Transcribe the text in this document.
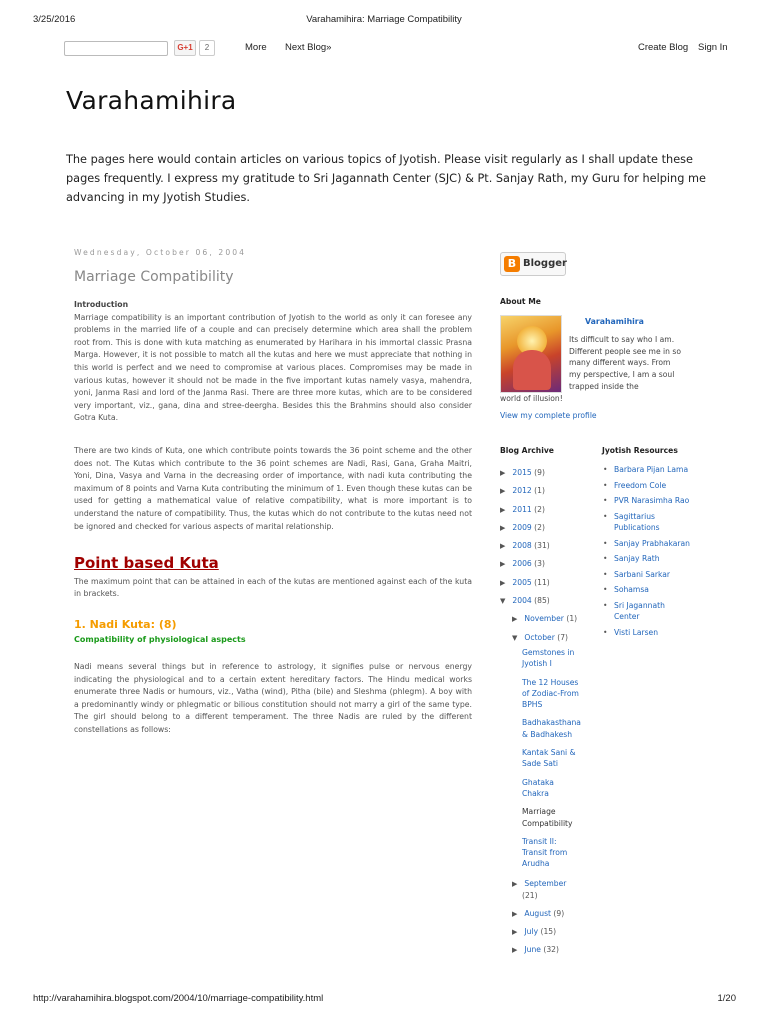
3/25/2016	Varahamihira: Marriage Compatibility
G+1	2	More Next Blog»	Create Blog Sign In
Varahamihira
The pages here would contain articles on various topics of Jyotish. Please visit regularly as I shall update these pages frequently. I express my gratitude to Sri Jagannath Center (SJC) & Pt. Sanjay Rath, my Guru for helping me advancing in my Jyotish Studies.
Wednesday, October 06, 2004
Marriage Compatibility
Introduction
Marriage compatibility is an important contribution of Jyotish to the world as only it can foresee any problems in the married life of a couple and can precisely determine which area shall the problem root from. This is done with kuta matching as enumerated by Harihara in his immortal classic Prasna Marga. However, it is not possible to match all the kutas and here we must appreciate that nothing in this world is perfect and we need to compromise at various places. Compromises may be made in various kutas, however it should not be made in the five important kutas namely vasya, mahendra, yoni, Janma Rasi and lord of the Janma Rasi. There are three more kutas, which are to be considered very important, viz., gana, dina and stree-deergha. Besides this the Brahmins should also consider Gotra Kuta.
There are two kinds of Kuta, one which contribute points towards the 36 point scheme and the other does not. The Kutas which contribute to the 36 point schemes are Nadi, Rasi, Gana, Graha Maitri, Yoni, Dina, Vasya and Varna in the decreasing order of importance, with nadi kuta contributing the maximum of 8 points and Varna Kuta contributing the minimum of 1. Even though these kutas can be used for getting a mathematical value of relative compatibility, what is more important is to understand the nature of compatibility. Thus, the kutas which do not contribute to the kutas need not be ignored and checked for various aspects of marital relationship.
Point based Kuta
The maximum point that can be attained in each of the kutas are mentioned against each of the kuta in brackets.
1. Nadi Kuta: (8)
Compatibility of physiological aspects
Nadi means several things but in reference to astrology, it signifies pulse or nervous energy indicating the physiological and to a certain extent hereditary factors. The Hindu medical works enumerate three Nadis or humours, viz., Vatha (wind), Pitha (bile) and Sleshma (phlegm). A boy with a predominantly windy or phlegmatic or bilious constitution should not marry a girl of the same type. The girl should belong to a different temperament. The three Nadis are ruled by the different constellations as follows:
B Blogger
About Me
Varahamihira
Its difficult to say who I am. Different people see me in so many different ways. From my perspective, I am a soul trapped inside the
world of illusion!
View my complete profile
Blog Archive
▶ 2015 (9)
▶ 2012 (1)
▶ 2011 (2)
▶ 2009 (2)
▶ 2008 (31)
▶ 2006 (3)
▶ 2005 (11)
▼ 2004 (85)
▶ November (1)
▼ October (7)
Gemstones in Jyotish I
The 12 Houses of Zodiac-From BPHS
Badhakasthana & Badhakesh
Kantak Sani & Sade Sati
Ghataka Chakra
Marriage Compatibility
Transit II: Transit from Arudha
▶ September
(21)
▶ August (9)
▶ July (15)
▶ June (32)
Jyotish Resources
• Barbara Pijan Lama
• Freedom Cole
• PVR Narasimha Rao
• Sagittarius Publications
• Sanjay Prabhakaran
• Sanjay Rath
• Sarbani Sarkar
• Sohamsa
• Sri Jagannath Center
• Visti Larsen
http://varahamihira.blogspot.com/2004/10/marriage-compatibility.html	1/20
